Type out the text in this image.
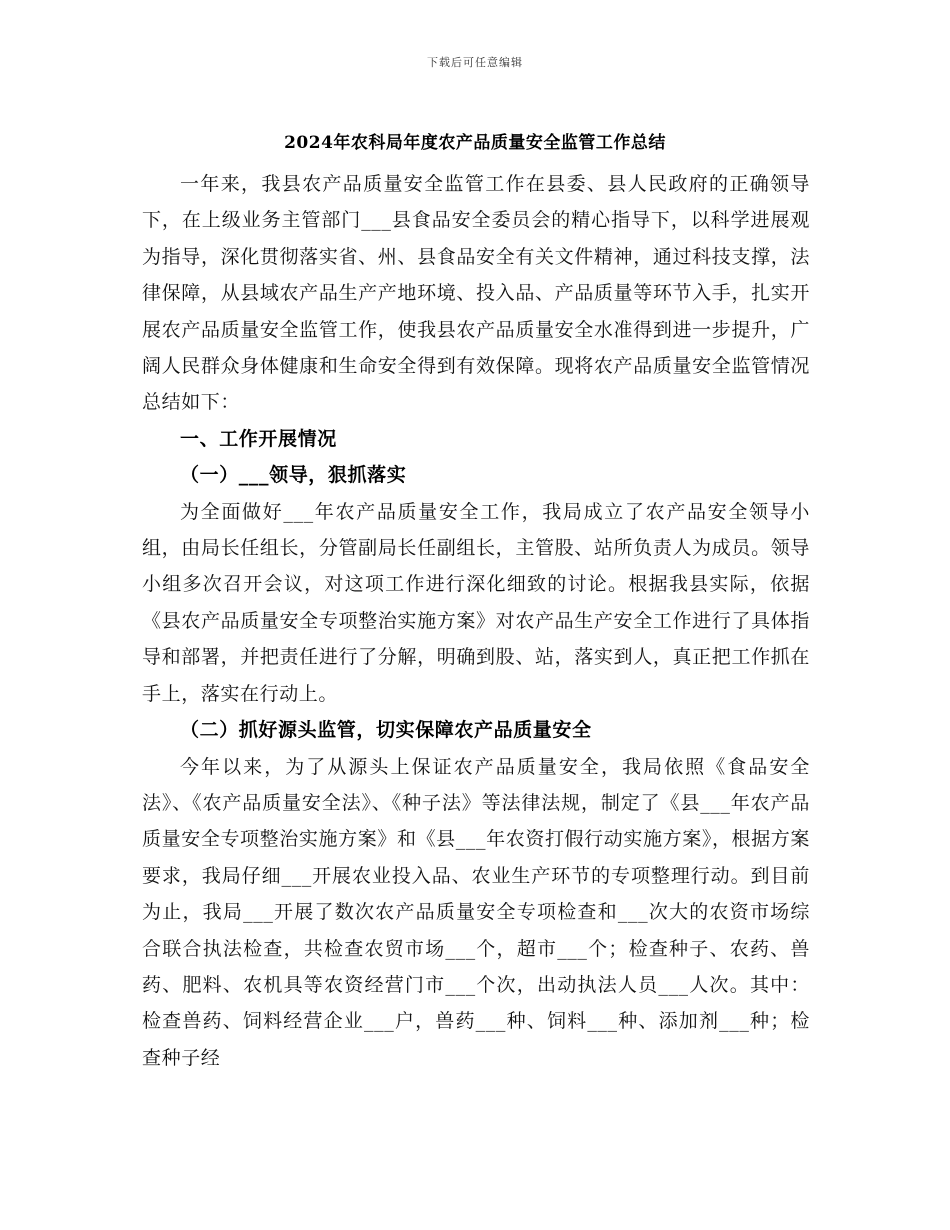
下载后可任意编辑
2024年农科局年度农产品质量安全监管工作总结

一年来，我县农产品质量安全监管工作在县委、县人民政府的正确领导下，在上级业务主管部门___县食品安全委员会的精心指导下，以科学进展观为指导，深化贯彻落实省、州、县食品安全有关文件精神，通过科技支撑，法律保障，从县域农产品生产产地环境、投入品、产品质量等环节入手，扎实开展农产品质量安全监管工作，使我县农产品质量安全水准得到进一步提升，广阔人民群众身体健康和生命安全得到有效保障。现将农产品质量安全监管情况总结如下：

一、工作开展情况

（一）___领导，狠抓落实

为全面做好___年农产品质量安全工作，我局成立了农产品安全领导小组，由局长任组长，分管副局长任副组长，主管股、站所负责人为成员。领导小组多次召开会议，对这项工作进行深化细致的讨论。根据我县实际，依据《县农产品质量安全专项整治实施方案》对农产品生产安全工作进行了具体指导和部署，并把责任进行了分解，明确到股、站，落实到人，真正把工作抓在手上，落实在行动上。

（二）抓好源头监管，切实保障农产品质量安全

今年以来，为了从源头上保证农产品质量安全，我局依照《食品安全法》、《农产品质量安全法》、《种子法》等法律法规，制定了《县___年农产品质量安全专项整治实施方案》和《县___年农资打假行动实施方案》，根据方案要求，我局仔细___开展农业投入品、农业生产环节的专项整理行动。到目前为止，我局___开展了数次农产品质量安全专项检查和___次大的农资市场综合联合执法检查，共检查农贸市场___个，超市___个；检查种子、农药、兽药、肥料、农机具等农资经营门市___个次，出动执法人员___人次。其中：检查兽药、饲料经营企业___户，兽药___种、饲料___种、添加剂___种；检查种子经
